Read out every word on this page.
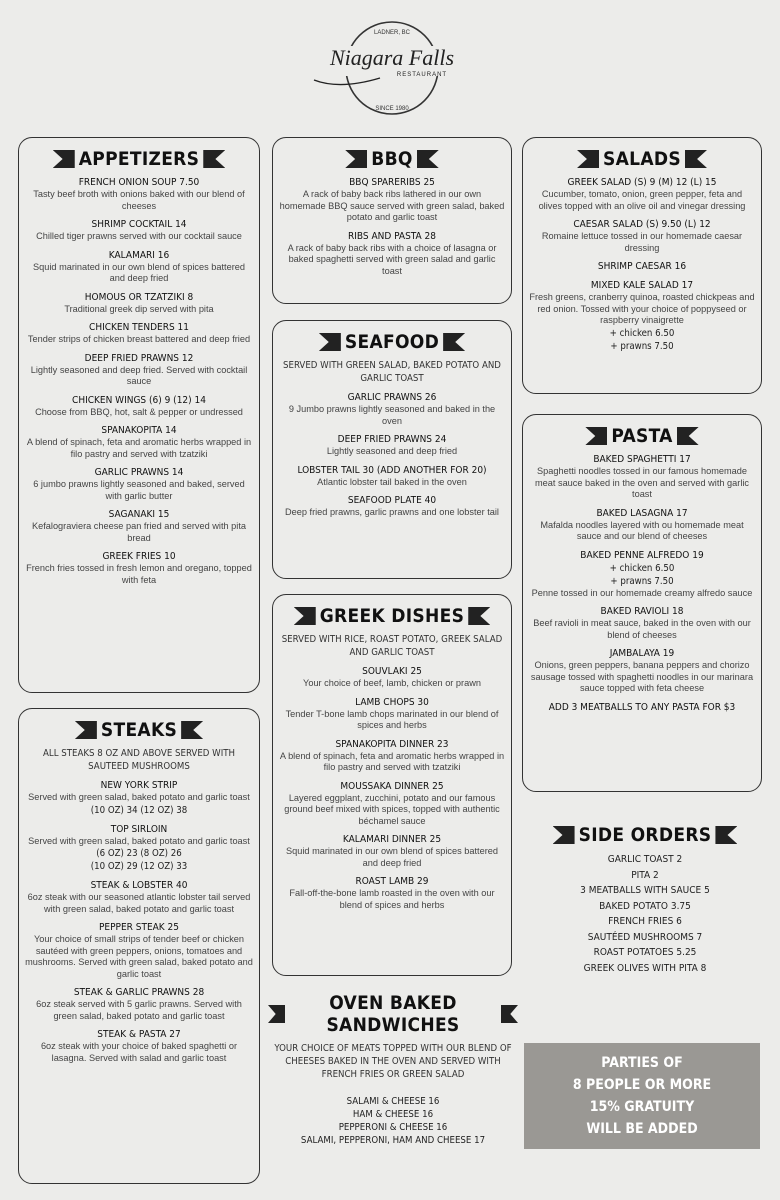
LADNER, BC
SINCE 1980
Niagara Falls
RESTAURANT
APPETIZERS
FRENCH ONION SOUP 7.50
Tasty beef broth with onions baked with our blend of cheeses
SHRIMP COCKTAIL 14
Chilled tiger prawns served with our cocktail sauce
KALAMARI 16
Squid marinated in our own blend of spices battered and deep fried
HOMOUS OR TZATZIKI 8
Traditional greek dip served with pita
CHICKEN TENDERS 11
Tender strips of chicken breast battered and deep fried
DEEP FRIED PRAWNS 12
Lightly seasoned and deep fried. Served with cocktail sauce
CHICKEN WINGS (6) 9 (12) 14
Choose from BBQ, hot, salt & pepper or undressed
SPANAKOPITA 14
A blend of spinach, feta and aromatic herbs wrapped in filo pastry and served with tzatziki
GARLIC PRAWNS 14
6 jumbo prawns lightly seasoned and baked, served with garlic butter
SAGANAKI 15
Kefalograviera cheese pan fried and served with pita bread
GREEK FRIES 10
French fries tossed in fresh lemon and oregano, topped with feta
STEAKS
ALL STEAKS 8 OZ AND ABOVE SERVED WITH SAUTEED MUSHROOMS
NEW YORK STRIP
Served with green salad, baked potato and garlic toast
(10 OZ) 34 (12 OZ) 38
TOP SIRLOIN
Served with green salad, baked potato and garlic toast
(6 OZ) 23 (8 OZ) 26
(10 OZ) 29 (12 OZ) 33
STEAK & LOBSTER 40
6oz steak with our seasoned atlantic lobster tail served with green salad, baked potato and garlic toast
PEPPER STEAK 25
Your choice of small strips of tender beef or chicken sautéed with green peppers, onions, tomatoes and mushrooms. Served with green salad, baked potato and garlic toast
STEAK & GARLIC PRAWNS 28
6oz steak served with 5 garlic prawns. Served with green salad, baked potato and garlic toast
STEAK & PASTA 27
6oz steak with your choice of baked spaghetti or lasagna. Served with salad and garlic toast
BBQ
BBQ SPARERIBS 25
A rack of baby back ribs lathered in our own homemade BBQ sauce served with green salad, baked potato and garlic toast
RIBS AND PASTA 28
A rack of baby back ribs with a choice of lasagna or baked spaghetti served with green salad and garlic toast
SEAFOOD
SERVED WITH GREEN SALAD, BAKED POTATO AND GARLIC TOAST
GARLIC PRAWNS 26
9 Jumbo prawns lightly seasoned and baked in the oven
DEEP FRIED PRAWNS 24
Lightly seasoned and deep fried
LOBSTER TAIL 30 (ADD ANOTHER FOR 20)
Atlantic lobster tail baked in the oven
SEAFOOD PLATE 40
Deep fried prawns, garlic prawns and one lobster tail
GREEK DISHES
SERVED WITH RICE, ROAST POTATO, GREEK SALAD AND GARLIC TOAST
SOUVLAKI 25
Your choice of beef, lamb, chicken or prawn
LAMB CHOPS 30
Tender T-bone lamb chops marinated in our blend of spices and herbs
SPANAKOPITA DINNER 23
A blend of spinach, feta and aromatic herbs wrapped in filo pastry and served with tzatziki
MOUSSAKA DINNER 25
Layered eggplant, zucchini, potato and our famous ground beef mixed with spices, topped with authentic béchamel sauce
KALAMARI DINNER 25
Squid marinated in our own blend of spices battered and deep fried
ROAST LAMB 29
Fall-off-the-bone lamb roasted in the oven with our blend of spices and herbs
OVEN BAKED SANDWICHES
YOUR CHOICE OF MEATS TOPPED WITH OUR BLEND OF CHEESES BAKED IN THE OVEN AND SERVED WITH FRENCH FRIES OR GREEN SALAD
SALAMI & CHEESE 16
HAM & CHEESE 16
PEPPERONI & CHEESE 16
SALAMI, PEPPERONI, HAM AND CHEESE 17
SALADS
GREEK SALAD (S) 9 (M) 12 (L) 15
Cucumber, tomato, onion, green pepper, feta and olives topped with an olive oil and vinegar dressing
CAESAR SALAD (S) 9.50 (L) 12
Romaine lettuce tossed in our homemade caesar dressing
SHRIMP CAESAR 16
MIXED KALE SALAD 17
Fresh greens, cranberry quinoa, roasted chickpeas and red onion. Tossed with your choice of poppyseed or raspberry vinaigrette
+ chicken 6.50
+ prawns 7.50
PASTA
BAKED SPAGHETTI 17
Spaghetti noodles tossed in our famous homemade meat sauce baked in the oven and served with garlic toast
BAKED LASAGNA 17
Mafalda noodles layered with ou homemade meat sauce and our blend of cheeses
BAKED PENNE ALFREDO 19
+ chicken 6.50
+ prawns 7.50
Penne tossed in our homemade creamy alfredo sauce
BAKED RAVIOLI 18
Beef ravioli in meat sauce, baked in the oven with our blend of cheeses
JAMBALAYA 19
Onions, green peppers, banana peppers and chorizo sausage tossed with spaghetti noodles in our marinara sauce topped with feta cheese
ADD 3 MEATBALLS TO ANY PASTA FOR $3
SIDE ORDERS
GARLIC TOAST 2
PITA 2
3 MEATBALLS WITH SAUCE 5
BAKED POTATO 3.75
FRENCH FRIES 6
SAUTÉED MUSHROOMS 7
ROAST POTATOES 5.25
GREEK OLIVES WITH PITA 8
PARTIES OF
8 PEOPLE OR MORE
15% GRATUITY
WILL BE ADDED
